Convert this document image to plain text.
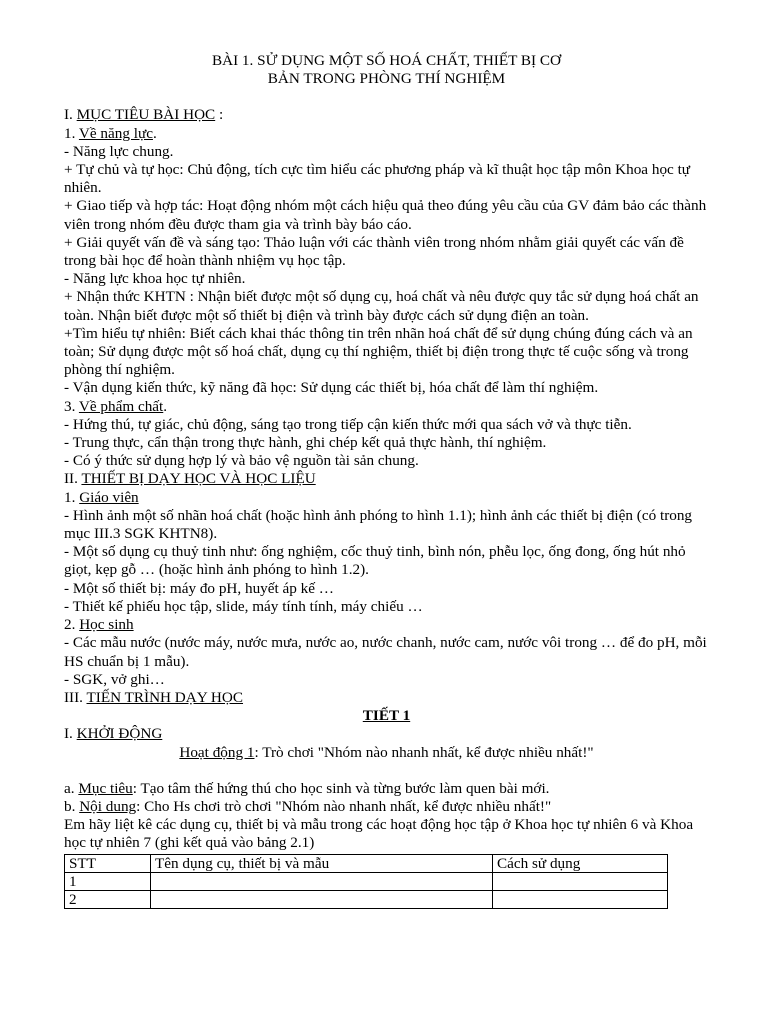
BÀI 1. SỬ DỤNG MỘT SỐ HOÁ CHẤT, THIẾT BỊ CƠ

BẢN TRONG PHÒNG THÍ NGHIỆM

I. MỤC TIÊU BÀI HỌC :

1. Về năng lực.

- Năng lực chung.

+ Tự chủ và tự học: Chủ động, tích cực tìm hiểu các phương pháp và kĩ thuật học tập môn Khoa học tự nhiên.

+ Giao tiếp và hợp tác: Hoạt động nhóm một cách hiệu quả theo đúng yêu cầu của GV đảm bảo các thành viên trong nhóm đều được tham gia và trình bày báo cáo.

+ Giải quyết vấn đề và sáng tạo: Thảo luận với các thành viên trong nhóm nhằm giải quyết các vấn đề trong bài học để hoàn thành nhiệm vụ học tập.

- Năng lực khoa học tự nhiên.

+ Nhận thức KHTN : Nhận biết được một số dụng cụ, hoá chất và nêu được quy tắc sử dụng hoá chất an toàn. Nhận biết được một số thiết bị điện và trình bày được cách sử dụng điện an toàn.

+Tìm hiểu tự nhiên: Biết cách khai thác thông tin trên nhãn hoá chất để sử dụng chúng đúng cách và an toàn; Sử dụng được một số hoá chất, dụng cụ thí nghiệm, thiết bị điện trong thực tế cuộc sống và trong phòng thí nghiệm.

- Vận dụng kiến thức, kỹ năng đã học: Sử dụng các thiết bị, hóa chất để làm thí nghiệm.

3. Về phẩm chất.

- Hứng thú, tự giác, chủ động, sáng tạo trong tiếp cận kiến thức mới qua sách vở và thực tiễn.

- Trung thực, cẩn thận trong thực hành, ghi chép kết quả thực hành, thí nghiệm.

- Có ý thức sử dụng hợp lý và bảo vệ nguồn tài sản chung.

II. THIẾT BỊ DẠY HỌC VÀ HỌC LIỆU

1. Giáo viên

- Hình ảnh một số nhãn hoá chất (hoặc hình ảnh phóng to hình 1.1); hình ảnh các thiết bị điện (có trong mục III.3 SGK KHTN8).

- Một số dụng cụ thuỷ tinh như: ống nghiệm, cốc thuỷ tinh, bình nón, phễu lọc, ống đong, ống hút nhỏ giọt, kẹp gỗ … (hoặc hình ảnh phóng to hình 1.2).

- Một số thiết bị: máy đo pH, huyết áp kế …

- Thiết kế phiếu học tập, slide, máy tính tính, máy chiếu …

2. Học sinh

- Các mẫu nước (nước máy, nước mưa, nước ao, nước chanh, nước cam, nước vôi trong … để đo pH, mỗi HS chuẩn bị 1 mẫu).

- SGK, vở ghi…

III. TIẾN TRÌNH DẠY HỌC

TIẾT 1

I. KHỞI ĐỘNG

Hoạt động 1: Trò chơi "Nhóm nào nhanh nhất, kể được nhiều nhất!"

a. Mục tiêu: Tạo tâm thế hứng thú cho học sinh và từng bước làm quen bài mới.

b. Nội dung: Cho Hs chơi trò chơi "Nhóm nào nhanh nhất, kể được nhiều nhất!"

Em hãy liệt kê các dụng cụ, thiết bị và mẫu trong các hoạt động học tập ở Khoa học tự nhiên 6 và Khoa học tự nhiên 7 (ghi kết quả vào bảng 2.1)

STT	Tên dụng cụ, thiết bị và mẫu	Cách sử dụng
1		
2		
